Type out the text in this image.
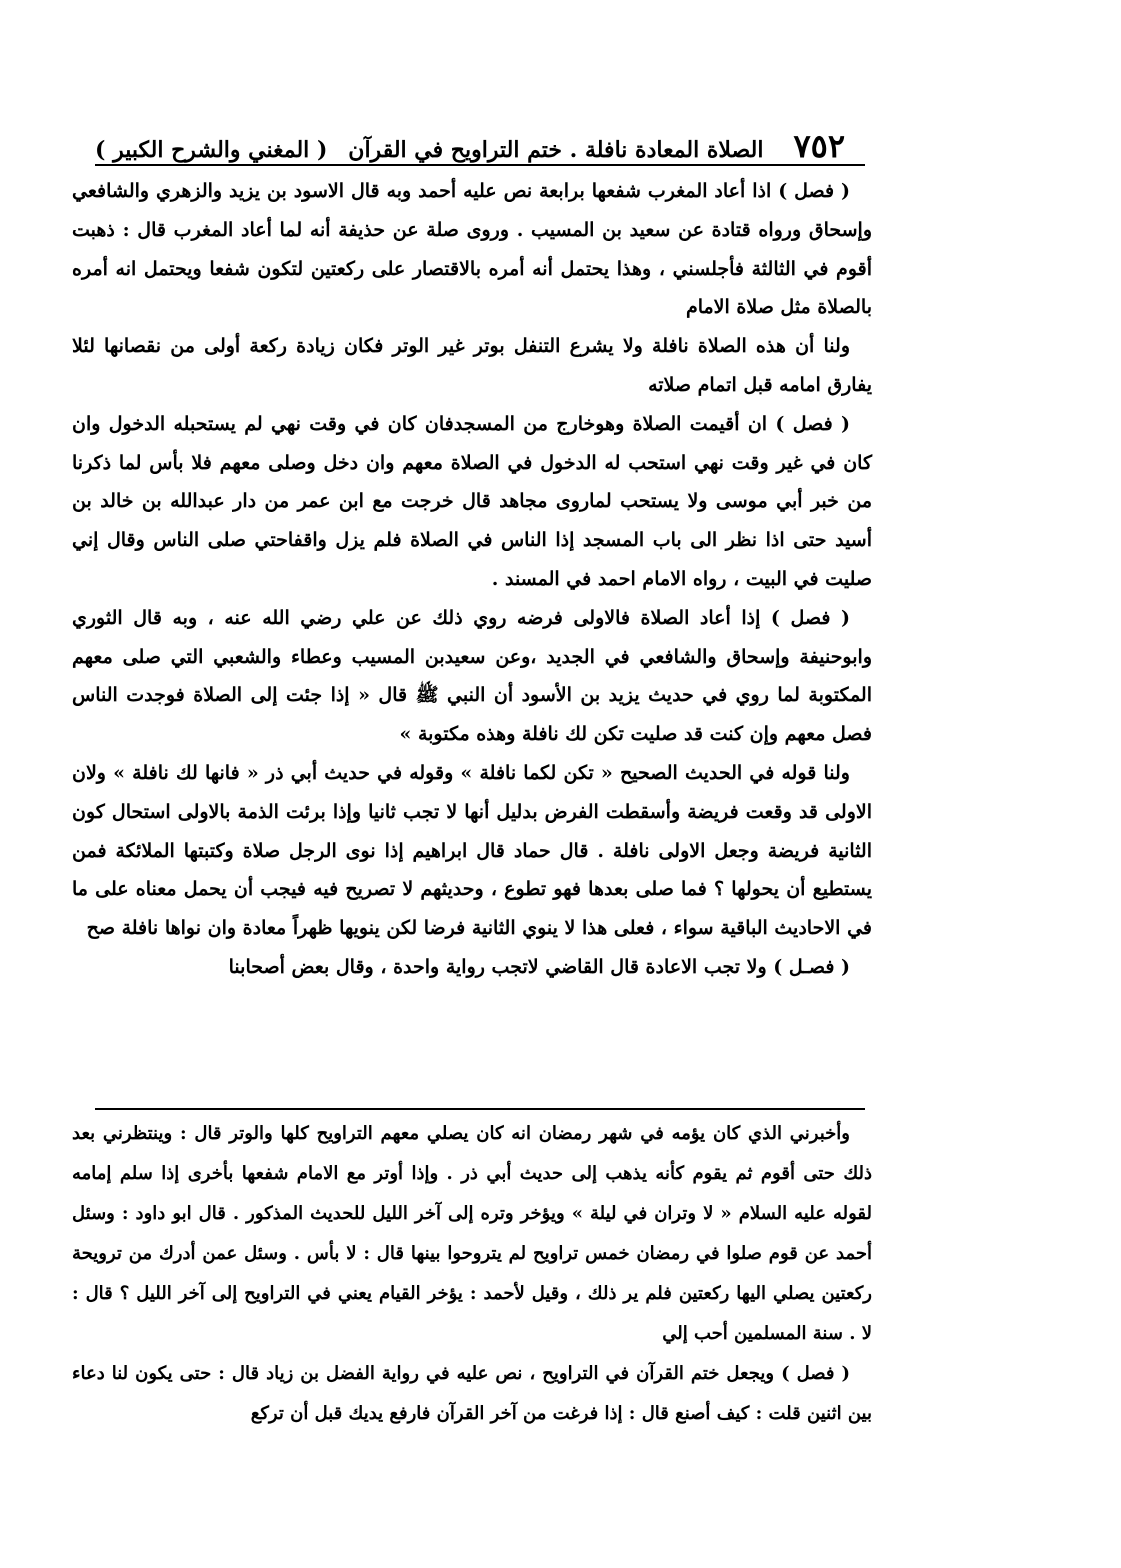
٧٥٢
الصلاة المعادة نافلة . ختم التراويح في القرآن
( المغني والشرح الكبير )

( فصل ) اذا أعاد المغرب شفعها برابعة نص عليه أحمد وبه قال الاسود بن يزيد والزهري والشافعي وإسحاق ورواه قتادة عن سعيد بن المسيب . وروى صلة عن حذيفة أنه لما أعاد المغرب قال : ذهبت أقوم في الثالثة فأجلسني ، وهذا يحتمل أنه أمره بالاقتصار على ركعتين لتكون شفعا ويحتمل انه أمره بالصلاة مثل صلاة الامام

ولنا أن هذه الصلاة نافلة ولا يشرع التنفل بوتر غير الوتر فكان زيادة ركعة أولى من نقصانها لئلا يفارق امامه قبل اتمام صلاته

( فصل ) ان أقيمت الصلاة وهوخارج من المسجدفان كان في وقت نهي لم يستحبله الدخول وان كان في غير وقت نهي استحب له الدخول في الصلاة معهم وان دخل وصلى معهم فلا بأس لما ذكرنا من خبر أبي موسى ولا يستحب لماروى مجاهد قال خرجت مع ابن عمر من دار عبدالله بن خالد بن أسيد حتى اذا نظر الى باب المسجد إذا الناس في الصلاة فلم يزل واقفاحتي صلى الناس وقال إني صليت في البيت ، رواه الامام احمد في المسند .

( فصل ) إذا أعاد الصلاة فالاولى فرضه روي ذلك عن علي رضي الله عنه ، وبه قال الثوري وابوحنيفة وإسحاق والشافعي في الجديد ،وعن سعيدبن المسيب وعطاء والشعبي التي صلى معهم المكتوبة لما روي في حديث يزيد بن الأسود أن النبي ﷺ قال « إذا جئت إلى الصلاة فوجدت الناس فصل معهم وإن كنت قد صليت تكن لك نافلة وهذه مكتوبة »

ولنا قوله في الحديث الصحيح « تكن لكما نافلة » وقوله في حديث أبي ذر « فانها لك نافلة » ولان الاولى قد وقعت فريضة وأسقطت الفرض بدليل أنها لا تجب ثانيا وإذا برئت الذمة بالاولى استحال كون الثانية فريضة وجعل الاولى نافلة . قال حماد قال ابراهيم إذا نوى الرجل صلاة وكتبتها الملائكة فمن يستطيع أن يحولها ؟ فما صلى بعدها فهو تطوع ، وحديثهم لا تصريح فيه فيجب أن يحمل معناه على ما في الاحاديث الباقية سواء ، فعلى هذا لا ينوي الثانية فرضا لكن ينويها ظهراً معادة وان نواها نافلة صح

( فصـل ) ولا تجب الاعادة قال القاضي لاتجب رواية واحدة ، وقال بعض أصحابنا

وأخبرني الذي كان يؤمه في شهر رمضان انه كان يصلي معهم التراويح كلها والوتر قال : وينتظرني بعد ذلك حتى أقوم ثم يقوم كأنه يذهب إلى حديث أبي ذر . وإذا أوتر مع الامام شفعها بأخرى إذا سلم إمامه لقوله عليه السلام « لا وتران في ليلة » ويؤخر وتره إلى آخر الليل للحديث المذكور . قال ابو داود : وسئل أحمد عن قوم صلوا في رمضان خمس تراويح لم يتروحوا بينها قال : لا بأس . وسئل عمن أدرك من ترويحة ركعتين يصلي اليها ركعتين فلم ير ذلك ، وقيل لأحمد : يؤخر القيام يعني في التراويح إلى آخر الليل ؟ قال : لا . سنة المسلمين أحب إلي

( فصل ) ويجعل ختم القرآن في التراويح ، نص عليه في رواية الفضل بن زياد قال : حتى يكون لنا دعاء بين اثنين قلت : كيف أصنع قال : إذا فرغت من آخر القرآن فارفع يديك قبل أن تركع
